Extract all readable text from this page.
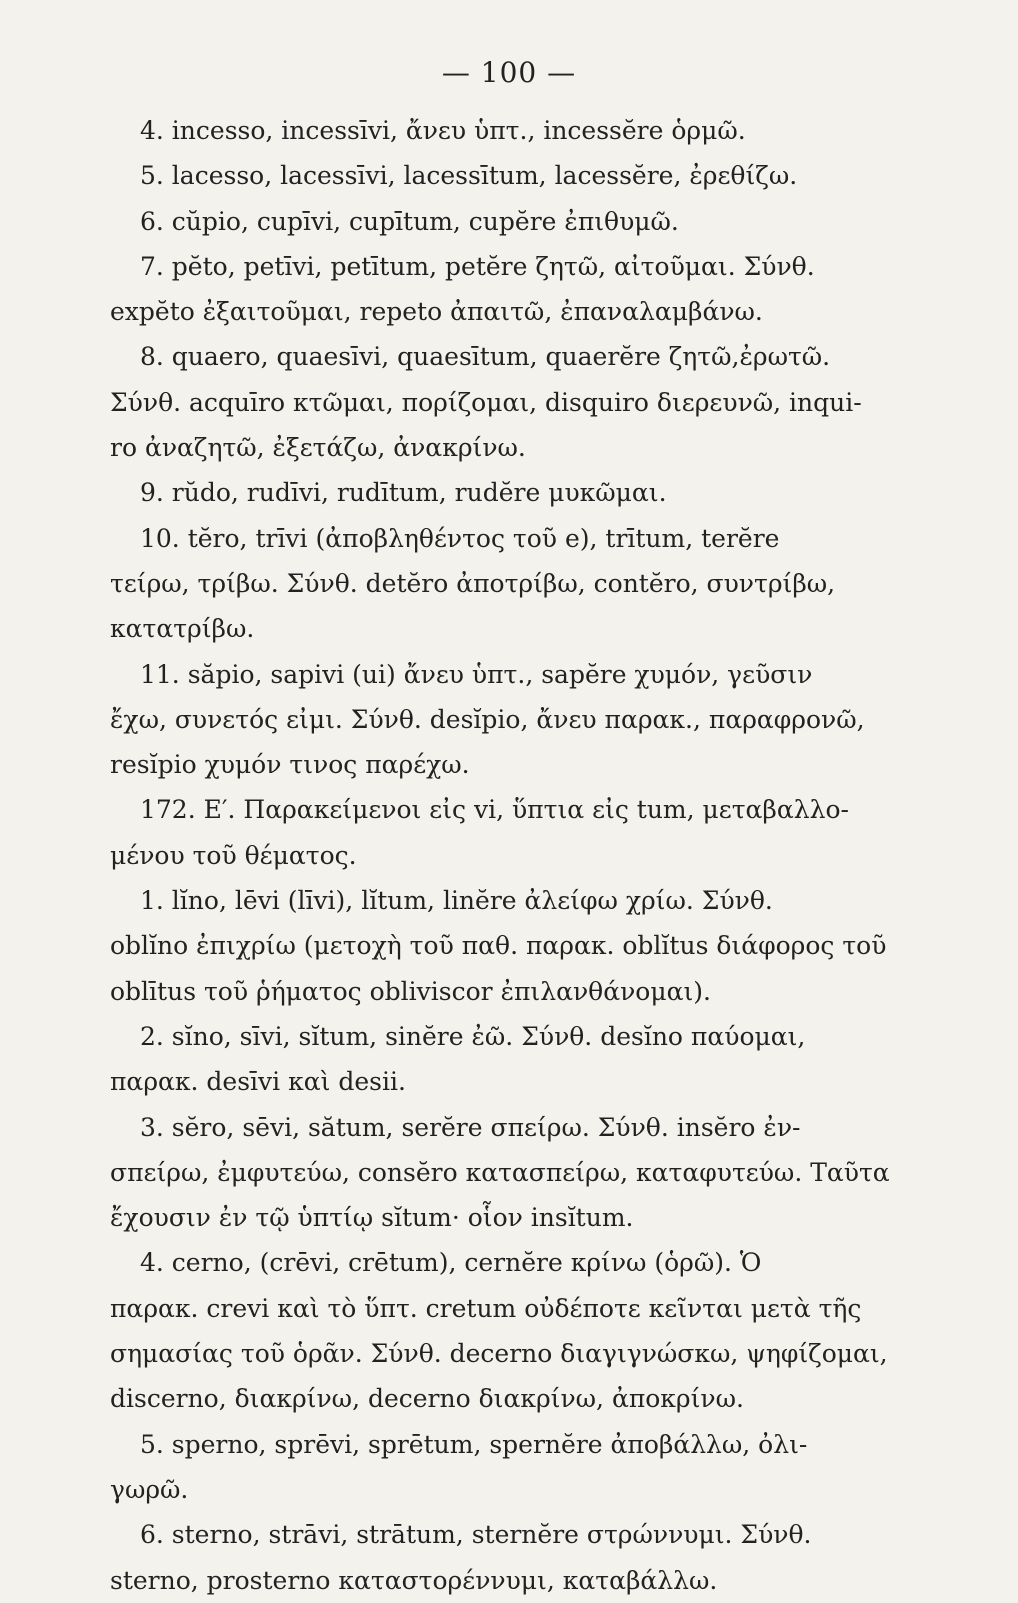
— 100 —
4. incesso, incessīvi, ἄνευ ὑπτ., incessĕre ὁρμῶ.
5. lacesso, lacessīvi, lacessītum, lacessĕre, ἐρεθίζω.
6. cŭpio, cupīvi, cupītum, cupĕre ἐπιθυμῶ.
7. pĕto, petīvi, petītum, petĕre ζητῶ, αἰτοῦμαι. Σύνθ.
expĕto ἐξαιτοῦμαι, repeto ἀπαιτῶ, ἐπαναλαμβάνω.
8. quaero, quaesīvi, quaesītum, quaerĕre ζητῶ,ἐρωτῶ.
Σύνθ. acquīro κτῶμαι, πορίζομαι, disquiro διερευνῶ, inqui-
ro ἀναζητῶ, ἐξετάζω, ἀνακρίνω.
9. rŭdo, rudīvi, rudītum, rudĕre μυκῶμαι.
10. tĕro, trīvi (ἀποβληθέντος τοῦ e), trītum, terĕre
τείρω, τρίβω. Σύνθ. detĕro ἀποτρίβω, contĕro, συντρίβω,
κατατρίβω.
11. săpio, sapivi (ui) ἄνευ ὑπτ., sapĕre χυμόν, γεῦσιν
ἔχω, συνετός εἰμι. Σύνθ. desĭpio, ἄνευ παρακ., παραφρονῶ,
resĭpio χυμόν τινος παρέχω.
172. Ε′. Παρακείμενοι εἰς vi, ὕπτια εἰς tum, μεταβαλλο-
μένου τοῦ θέματος.
1. lĭno, lēvi (līvi), lĭtum, linĕre ἀλείφω χρίω. Σύνθ.
oblĭno ἐπιχρίω (μετοχὴ τοῦ παθ. παρακ. oblĭtus διάφορος τοῦ
oblītus τοῦ ῥήματος obliviscor ἐπιλανθάνομαι).
2. sĭno, sīvi, sĭtum, sinĕre ἐῶ. Σύνθ. desĭno παύομαι,
παρακ. desīvi καὶ desii.
3. sĕro, sēvi, sătum, serĕre σπείρω. Σύνθ. insĕro ἐν-
σπείρω, ἐμφυτεύω, consĕro κατασπείρω, καταφυτεύω. Ταῦτα
ἔχουσιν ἐν τῷ ὑπτίῳ sĭtum· οἷον insĭtum.
4. cerno, (crēvi, crētum), cernĕre κρίνω (ὁρῶ). Ὁ
παρακ. crevi καὶ τὸ ὕπτ. cretum οὐδέποτε κεῖνται μετὰ τῆς
σημασίας τοῦ ὁρᾶν. Σύνθ. decerno διαγιγνώσκω, ψηφίζομαι,
discerno, διακρίνω, decerno διακρίνω, ἀποκρίνω.
5. sperno, sprēvi, sprētum, spernĕre ἀποβάλλω, ὀλι-
γωρῶ.
6. sterno, strāvi, strātum, sternĕre στρώννυμι. Σύνθ.
sterno, prosterno καταστορέννυμι, καταβάλλω.
